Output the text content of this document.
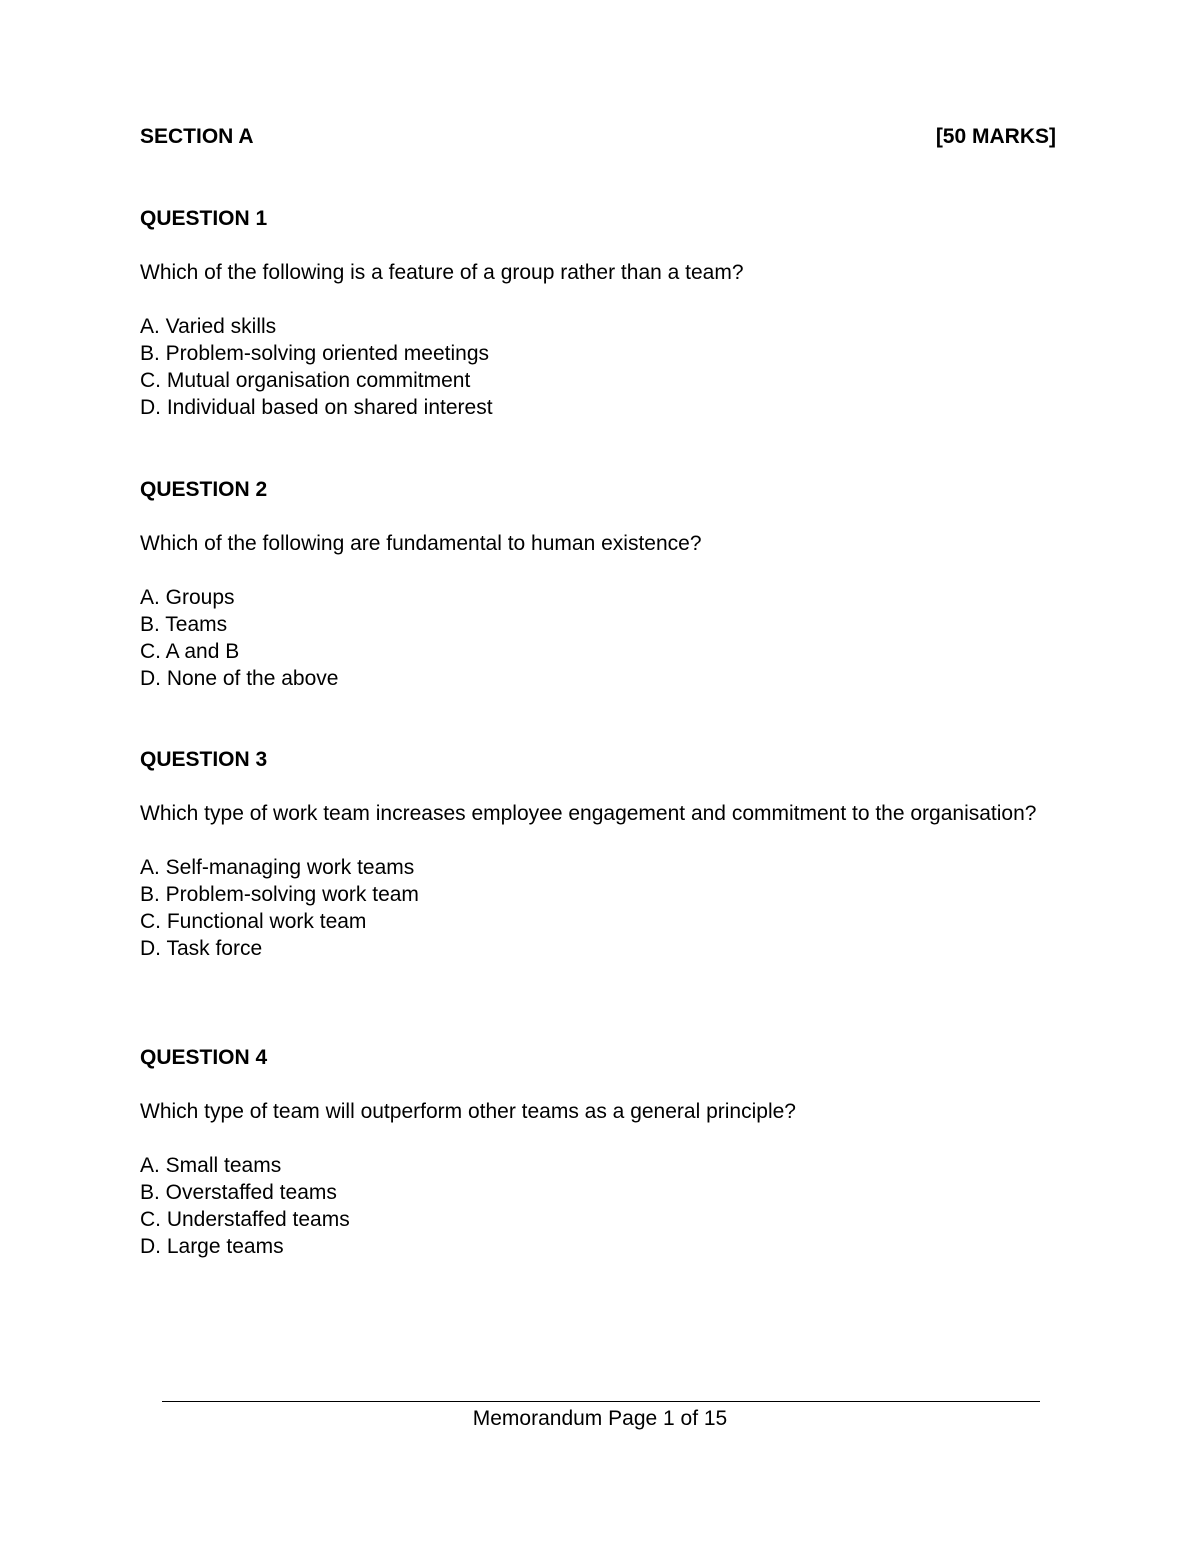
SECTION A	[50 MARKS]

QUESTION 1

Which of the following is a feature of a group rather than a team?

A. Varied skills
B. Problem-solving oriented meetings
C. Mutual organisation commitment
D. Individual based on shared interest

QUESTION 2

Which of the following are fundamental to human existence?

A. Groups
B. Teams
C. A and B
D. None of the above

QUESTION 3

Which type of work team increases employee engagement and commitment to the organisation?

A. Self-managing work teams
B. Problem-solving work team
C. Functional work team
D. Task force

QUESTION 4

Which type of team will outperform other teams as a general principle?

A. Small teams
B. Overstaffed teams
C. Understaffed teams
D. Large teams
Memorandum Page 1 of 15
